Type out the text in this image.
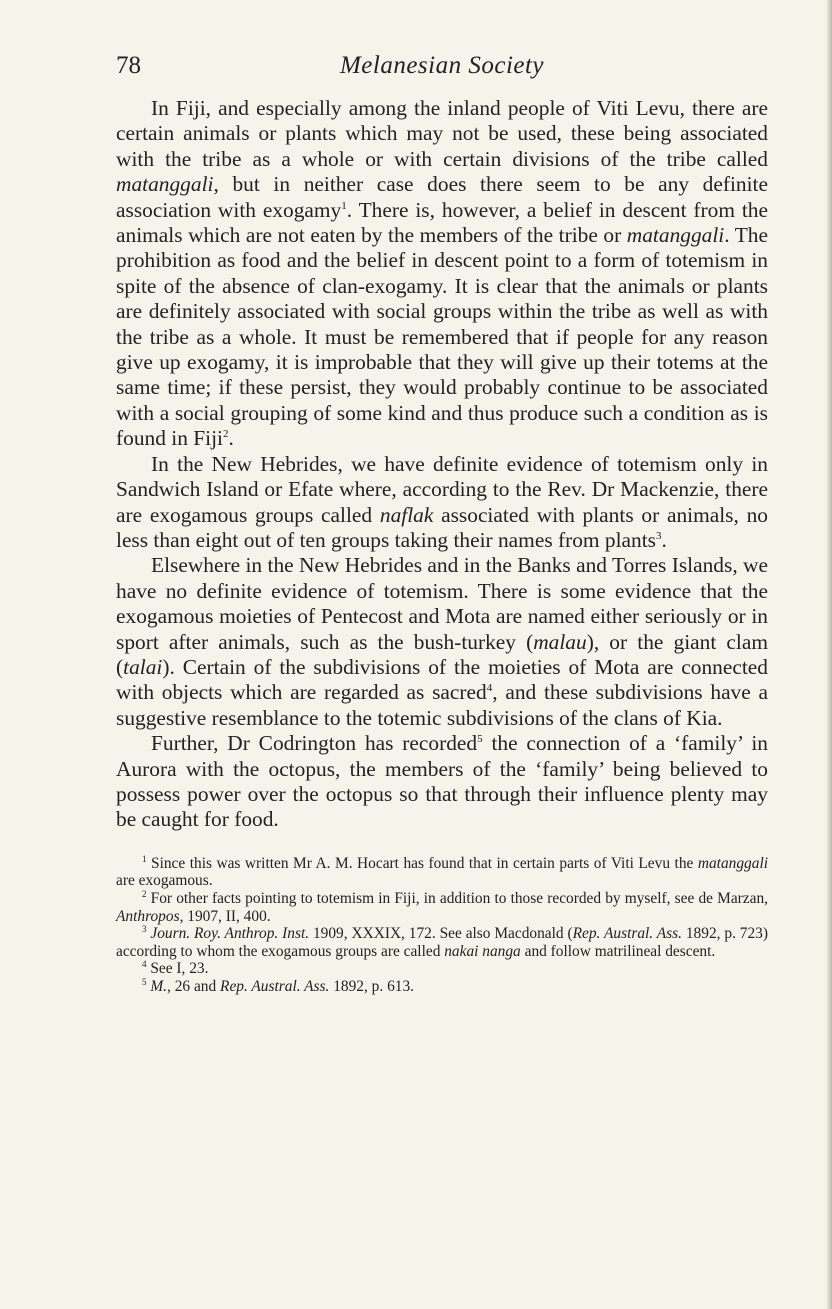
78	Melanesian Society

In Fiji, and especially among the inland people of Viti Levu, there are certain animals or plants which may not be used, these being associated with the tribe as a whole or with certain divisions of the tribe called matanggali, but in neither case does there seem to be any definite association with exogamy$^1$. There is, however, a belief in descent from the animals which are not eaten by the members of the tribe or matanggali. The prohibition as food and the belief in descent point to a form of totemism in spite of the absence of clan-exogamy. It is clear that the animals or plants are definitely associated with social groups within the tribe as well as with the tribe as a whole. It must be remembered that if people for any reason give up exogamy, it is improbable that they will give up their totems at the same time; if these persist, they would probably continue to be associated with a social grouping of some kind and thus produce such a condition as is found in Fiji$^2$.

In the New Hebrides, we have definite evidence of totemism only in Sandwich Island or Efate where, according to the Rev. Dr Mackenzie, there are exogamous groups called naflak associated with plants or animals, no less than eight out of ten groups taking their names from plants$^3$.

Elsewhere in the New Hebrides and in the Banks and Torres Islands, we have no definite evidence of totemism. There is some evidence that the exogamous moieties of Pentecost and Mota are named either seriously or in sport after animals, such as the bush-turkey (malau), or the giant clam (talai). Certain of the subdivisions of the moieties of Mota are connected with objects which are regarded as sacred$^4$, and these subdivisions have a suggestive resemblance to the totemic subdivisions of the clans of Kia.

Further, Dr Codrington has recorded$^5$ the connection of a ‘family’ in Aurora with the octopus, the members of the ‘family’ being believed to possess power over the octopus so that through their influence plenty may be caught for food.

$^1$ Since this was written Mr A. M. Hocart has found that in certain parts of Viti Levu the matanggali are exogamous.

$^2$ For other facts pointing to totemism in Fiji, in addition to those recorded by myself, see de Marzan, Anthropos, 1907, II, 400.

$^3$ Journ. Roy. Anthrop. Inst. 1909, XXXIX, 172. See also Macdonald (Rep. Austral. Ass. 1892, p. 723) according to whom the exogamous groups are called nakai nanga and follow matrilineal descent.

$^4$ See I, 23.

$^5$ M., 26 and Rep. Austral. Ass. 1892, p. 613.
